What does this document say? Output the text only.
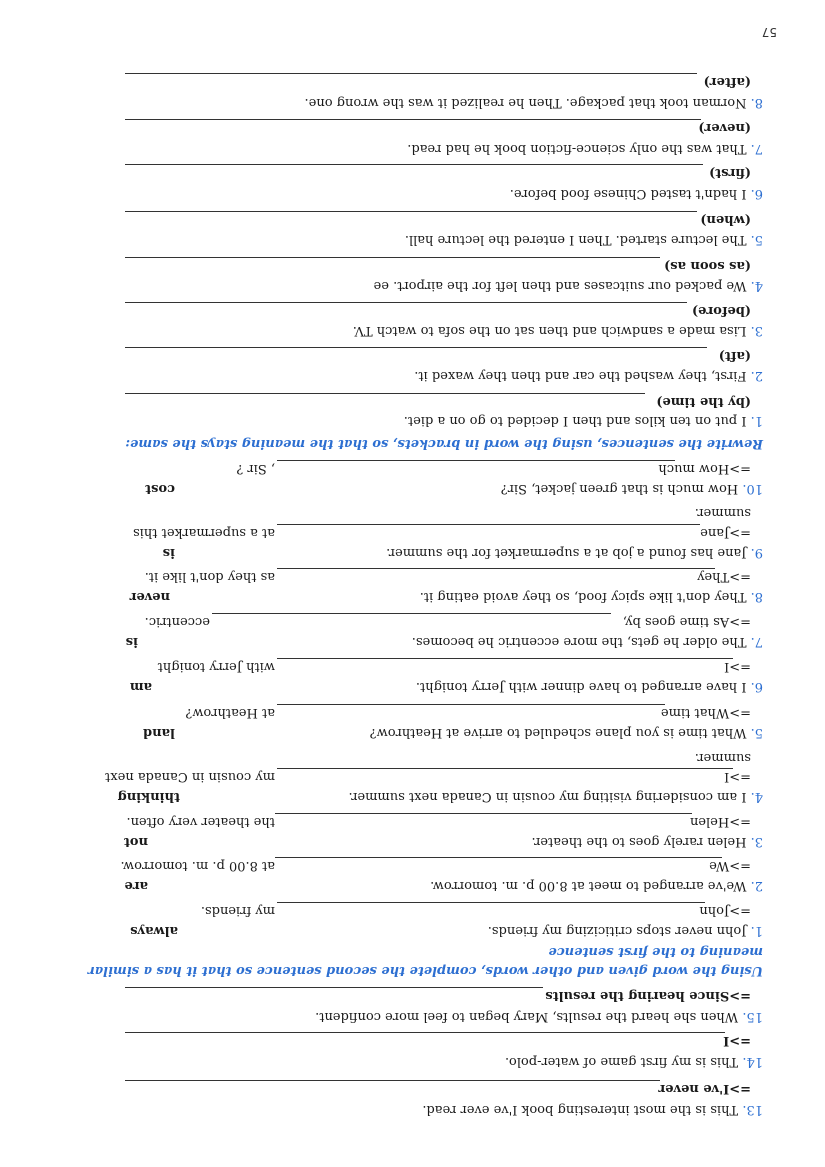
13. This is the most interesting book I've ever read.
=>I've never
14. This is my first game of water-polo.
=>I
15. When she heard the results, Mary began to feel more confident.
=>Since hearing the results
Using the word given and other words, complete the second sentence so that it has a similar
meaning to the first sentence
1. John never stops criticizing my friends.
always
=>John
my friends.
2. We've arranged to meet at 8.00 p. m. tomorrow.
are
=>We
at 8.00 p. m. tomorrow.
3. Helen rarely goes to the theater.
not
=>Helen
the theater very often.
4. I am considering visiting my cousin in Canada next summer.
thinking
=>I
my cousin in Canada next
summer.
5. What time is you plane scheduled to arrive at Heathrow?
land
=>What time
at Heathrow?
6. I have arranged to have dinner with Jerry tonight.
am
=>I
with Jerry tonight
7. The older he gets, the more eccentric he becomes.
is
=>As time goes by,
eccentric.
8. They don't like spicy food, so they avoid eating it.
never
=>They
as they don't like it.
9. Jane has found a job at a supermarket for the summer.
is
=>Jane
at a supermarket this
summer.
10. How much is that green jacket, Sir?
cost
=>How much
, Sir ?
Rewrite the sentences, using the word in brackets, so that the meaning stays the same:
1. I put on ten kilos and then I decided to go on a diet.
(by the time)
2. First, they washed the car and then they waxed it.
(aft)
3. Lisa made a sandwich and then sat on the sofa to watch TV.
(before)
4. We packed our suitcases and then left for the airport. ee
(as soon as)
5. The lecture started. Then I entered the lecture hall.
(when)
6. I hadn't tasted Chinese food before.
(first)
7. That was the only science-fiction book he had read.
(never)
8. Norman took that package. Then he realized it was the wrong one.
(after)
57
